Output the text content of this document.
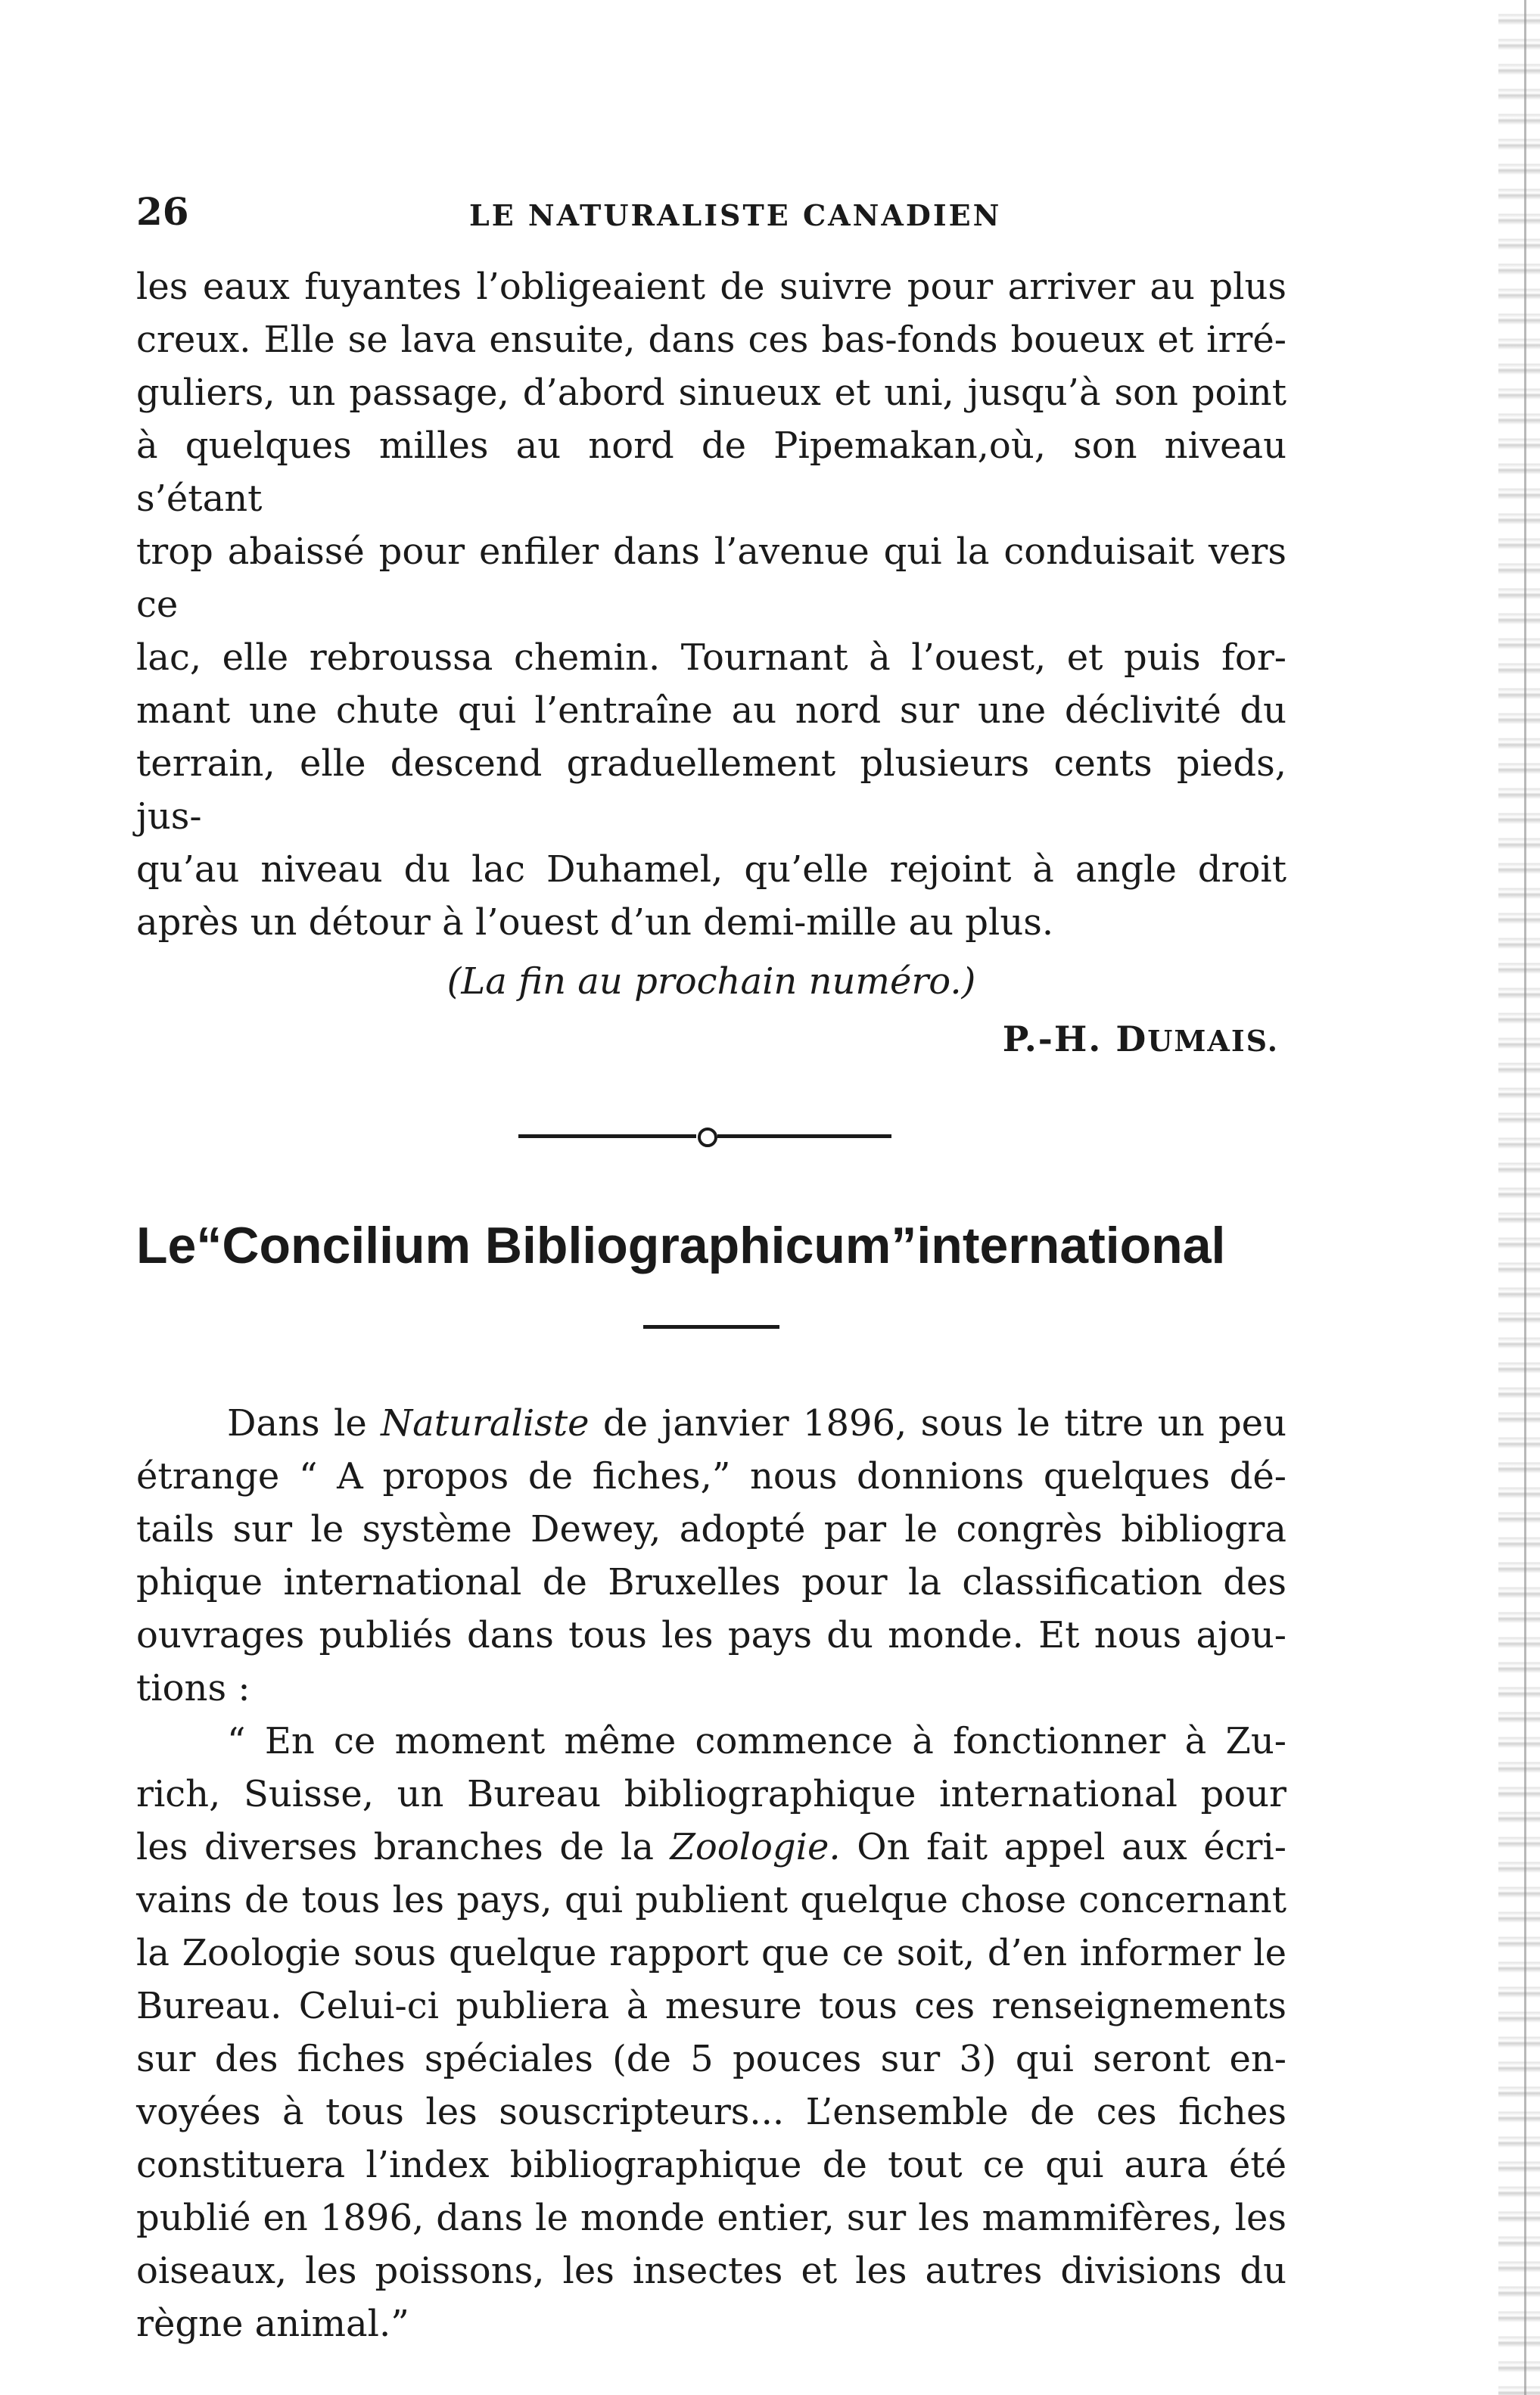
26	LE NATURALISTE CANADIEN
les eaux fuyantes l’obligeaient de suivre pour arriver au plus
creux. Elle se lava ensuite, dans ces bas-fonds boueux et irré-
guliers, un passage, d’abord sinueux et uni, jusqu’à son point
à quelques milles au nord de Pipemakan,où, son niveau s’étant
trop abaissé pour enfiler dans l’avenue qui la conduisait vers ce
lac, elle rebroussa chemin. Tournant à l’ouest, et puis for-
mant une chute qui l’entraîne au nord sur une déclivité du
terrain, elle descend graduellement plusieurs cents pieds, jus-
qu’au niveau du lac Duhamel, qu’elle rejoint à angle droit
après un détour à l’ouest d’un demi-mille au plus.

(La fin au prochain numéro.)

P.-H. DUMAIS.

Le“Concilium Bibliographicum”international
Dans le Naturaliste de janvier 1896, sous le titre un peu
étrange “ A propos de fiches,” nous donnions quelques dé-
tails sur le système Dewey, adopté par le congrès bibliogra
phique international de Bruxelles pour la classification des
ouvrages publiés dans tous les pays du monde. Et nous ajou-
tions :
“ En ce moment même commence à fonctionner à Zu-
rich, Suisse, un Bureau bibliographique international pour
les diverses branches de la Zoologie. On fait appel aux écri-
vains de tous les pays, qui publient quelque chose concernant
la Zoologie sous quelque rapport que ce soit, d’en informer le
Bureau. Celui-ci publiera à mesure tous ces renseignements
sur des fiches spéciales (de 5 pouces sur 3) qui seront en-
voyées à tous les souscripteurs... L’ensemble de ces fiches
constituera l’index bibliographique de tout ce qui aura été
publié en 1896, dans le monde entier, sur les mammifères, les
oiseaux, les poissons, les insectes et les autres divisions du
règne animal.”
